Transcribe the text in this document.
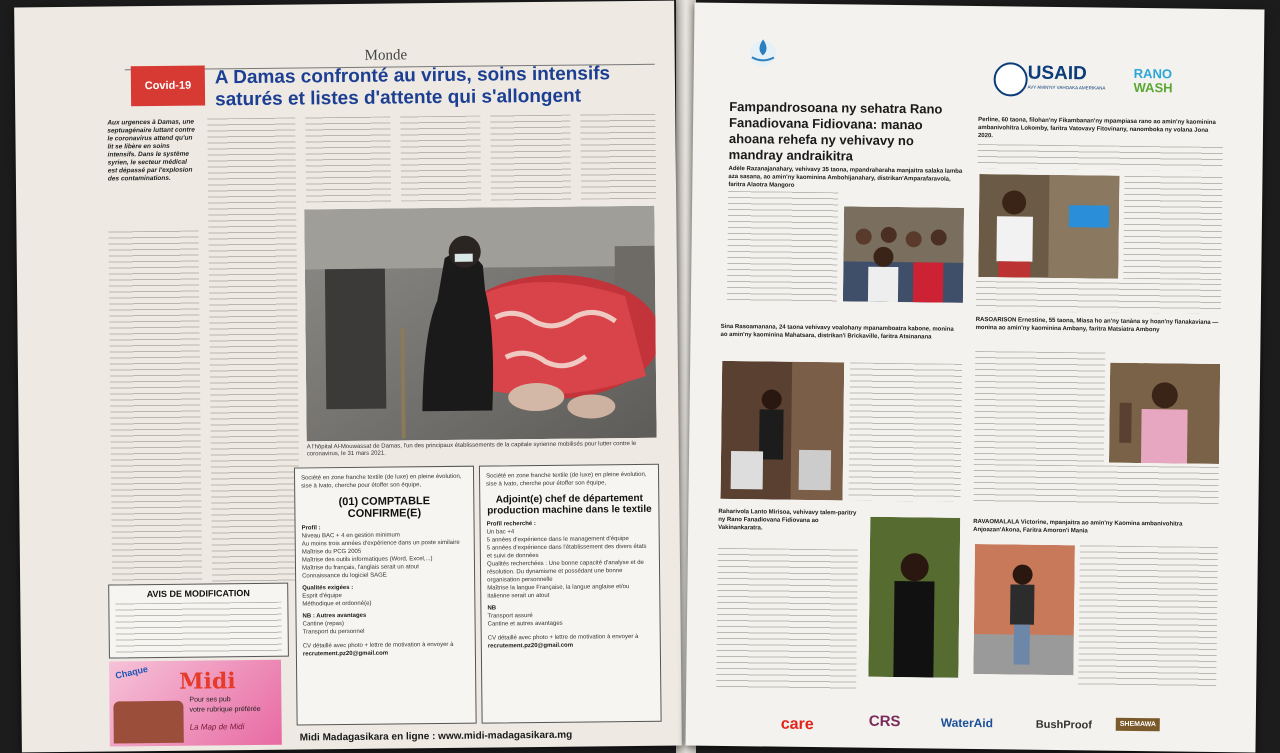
Monde
Covid-19	A Damas confronté au virus, soins intensifs saturés et listes d'attente qui s'allongent
Aux urgences à Damas, une septuagénaire luttant contre le coronavirus attend qu'un lit se libère en soins intensifs. Dans le système syrien, le secteur médical est dépassé par l'explosion des contaminations.
A l'hôpital Al-Mouwassat de Damas, l'un des principaux établissements de la capitale syrienne mobilisés pour lutter contre le coronavirus, le 31 mars 2021.
AVIS DE MODIFICATION
Chaque Midi
Pour ses pub
votre rubrique préférée
La Map de Midi
Société en zone franche textile (de luxe) en pleine évolution, sise à Ivato, cherche pour étoffer son équipe,
(01) COMPTABLE CONFIRME(E)
Profil :
Niveau BAC + 4 en gestion minimum
Au moins trois années d'expérience dans un poste similaire
Maîtrise du PCG 2005
Maîtrise des outils informatiques (Word, Excel,...)
Maîtrise du français, l'anglais serait un atout
Connaissance du logiciel SAGE
Qualités exigées :
Esprit d'équipe
Méthodique et ordonné(e)
NB : Autres avantages
Cantine (repas)
Transport du personnel
CV détaillé avec photo + lettre de motivation à envoyer à
recrutement.pz20@gmail.com
Société en zone franche textile (de luxe) en pleine évolution, sise à Ivato, cherche pour étoffer son équipe,
Adjoint(e) chef de département production machine dans le textile
Profil recherché :
Un bac +4
5 années d'expérience dans le management d'équipe
5 années d'expérience dans l'établissement des divers états et suivi de données
Qualités recherchées : Une bonne capacité d'analyse et de résolution. Du dynamisme et possédant une bonne organisation personnelle
Maîtrise la langue Française, la langue anglaise et/ou italienne serait un atout
NB
Transport assuré
Cantine et autres avantages
CV détaillé avec photo + lettre de motivation à envoyer à
recrutement.pz20@gmail.com
Midi Madagasikara en ligne : www.midi-madagasikara.mg
USAID
AVY AMIN'NY VAHOAKA AMERIKANA
RANO
WASH
Fampandrosoana ny sehatra Rano Fanadiovana Fidiovana: manao ahoana rehefa ny vehivavy no mandray andraikitra
Adèle Razanajanahary, vehivavy 35 taona, mpandraharaha manjaitra salaka lamba aza sasana, ao amin'ny kaominina Ambohijanahary, distrikan'Amparafaravola, faritra Alaotra Mangoro
Perline, 60 taona, filohan'ny Fikambanan'ny mpampiasa rano ao amin'ny kaominina ambanivohitra Lokomby, faritra Vatovavy Fitovinany, nanomboka ny volana Jona 2020.
Sina Rasoamanana, 24 taona vehivavy voalohany mpanamboatra kabone, monina ao amin'ny kaominina Mahatsara, distrikan'i Brickaville, faritra Atsinanana
RASOARISON Ernestine, 55 taona, Miasa ho an'ny tanàna sy hoan'ny fianakaviana — monina ao amin'ny kaominina Ambany, faritra Matsiatra Ambony
Raharivola Lanto Mirisoa, vehivavy talem-paritry ny Rano Fanadiovana Fidiovana ao Vakinankaratra.
RAVAOMALALA Victorine, mpanjaitra ao amin'ny Kaomina ambanivohitra Anjoazan'Akona, Faritra Amoron'i Mania
care	CRS	WaterAid	BushProof	SHEMAWA
